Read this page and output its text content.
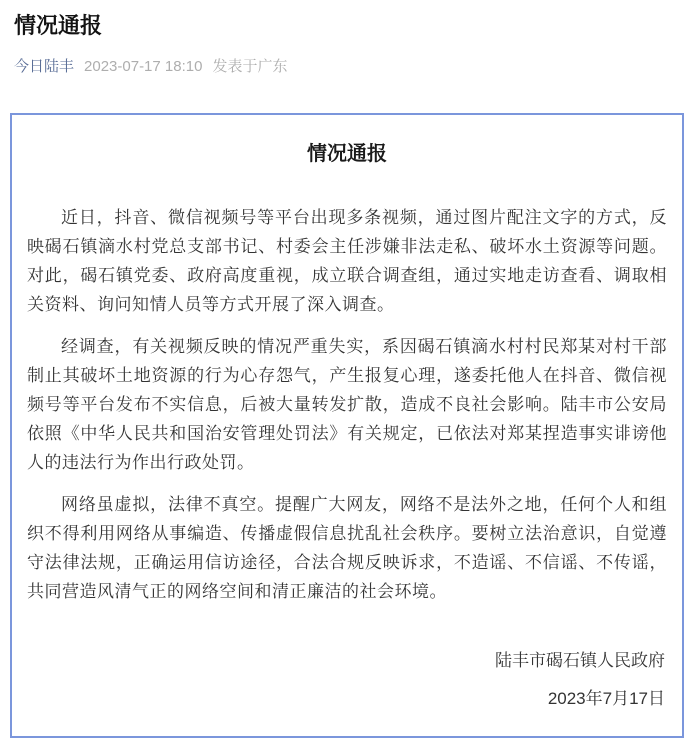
情况通报
今日陆丰 2023-07-17 18:10 发表于广东
情况通报

近日，抖音、微信视频号等平台出现多条视频，通过图片配注文字的方式，反映碣石镇滴水村党总支部书记、村委会主任涉嫌非法走私、破坏水土资源等问题。对此，碣石镇党委、政府高度重视，成立联合调查组，通过实地走访查看、调取相关资料、询问知情人员等方式开展了深入调查。

经调查，有关视频反映的情况严重失实，系因碣石镇滴水村村民郑某对村干部制止其破坏土地资源的行为心存怨气，产生报复心理，遂委托他人在抖音、微信视频号等平台发布不实信息，后被大量转发扩散，造成不良社会影响。陆丰市公安局依照《中华人民共和国治安管理处罚法》有关规定，已依法对郑某捏造事实诽谤他人的违法行为作出行政处罚。

网络虽虚拟，法律不真空。提醒广大网友，网络不是法外之地，任何个人和组织不得利用网络从事编造、传播虚假信息扰乱社会秩序。要树立法治意识，自觉遵守法律法规，正确运用信访途径，合法合规反映诉求，不造谣、不信谣、不传谣，共同营造风清气正的网络空间和清正廉洁的社会环境。

陆丰市碣石镇人民政府
2023年7月17日
